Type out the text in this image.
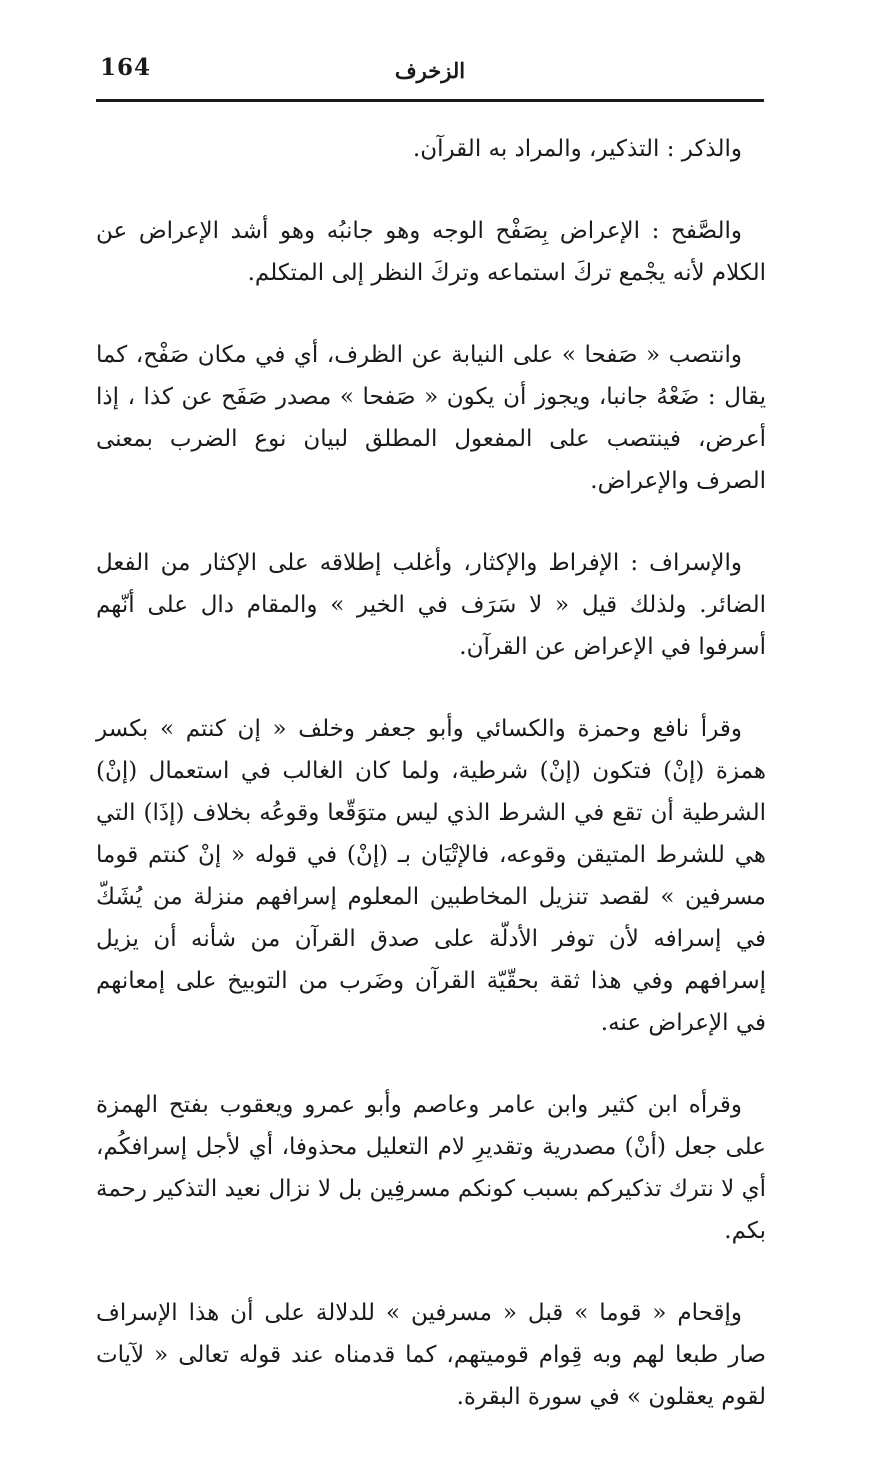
164	الزخرف

والذكر : التذكير، والمراد به القرآن.

والصَّفح : الإعراض بِصَفْح الوجه وهو جانبُه وهو أشد الإعراض عن الكلام لأنه يجْمع تركَ استماعه وتركَ النظر إلى المتكلم.

وانتصب « صَفحا » على النيابة عن الظرف، أي في مكان صَفْح، كما يقال : ضَعْهُ جانبا، ويجوز أن يكون « صَفحا » مصدر صَفَح عن كذا ، إذا أعرض، فينتصب على المفعول المطلق لبيان نوع الضرب بمعنى الصرف والإعراض.

والإسراف : الإفراط والإكثار، وأغلب إطلاقه على الإكثار من الفعل الضائر. ولذلك قيل « لا سَرَف في الخير » والمقام دال على أنّهم أسرفوا في الإعراض عن القرآن.

وقرأ نافع وحمزة والكسائي وأبو جعفر وخلف « إن كنتم » بكسر همزة (إنْ) فتكون (إنْ) شرطية، ولما كان الغالب في استعمال (إنْ) الشرطية أن تقع في الشرط الذي ليس متوَقّعا وقوعُه بخلاف (إذَا) التي هي للشرط المتيقن وقوعه، فالإتْيَان بـ (إنْ) في قوله « إنْ كنتم قوما مسرفين » لقصد تنزيل المخاطبين المعلوم إسرافهم منزلة من يُشَكّ في إسرافه لأن توفر الأدلّة على صدق القرآن من شأنه أن يزيل إسرافهم وفي هذا ثقة بحقّيّة القرآن وضَرب من التوبيخ على إمعانهم في الإعراض عنه.

وقرأه ابن كثير وابن عامر وعاصم وأبو عمرو ويعقوب بفتح الهمزة على جعل (أنْ) مصدرية وتقديرِ لام التعليل محذوفا، أي لأجل إسرافكُم، أي لا نترك تذكيركم بسبب كونكم مسرفِين بل لا نزال نعيد التذكير رحمة بكم.

وإقحام « قوما » قبل « مسرفين » للدلالة على أن هذا الإسراف صار طبعا لهم وبه قِوام قوميتهم، كما قدمناه عند قوله تعالى « لآيات لقوم يعقلون » في سورة البقرة.
